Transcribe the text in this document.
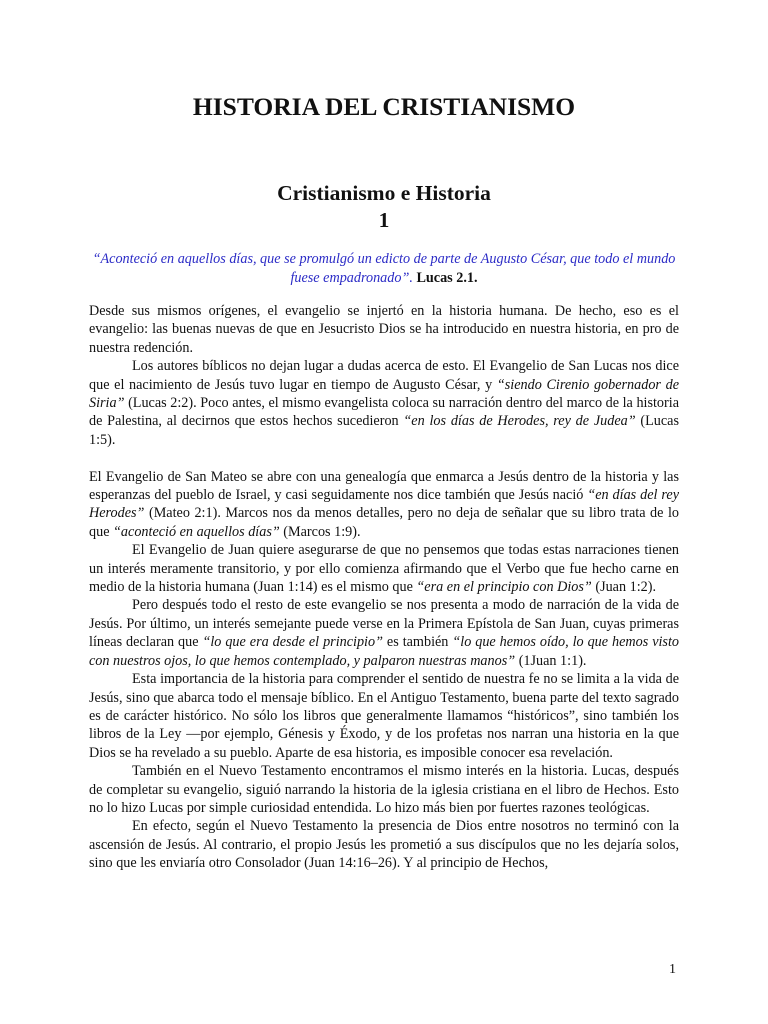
HISTORIA DEL CRISTIANISMO
Cristianismo e Historia
1

“Aconteció en aquellos días, que se promulgó un edicto de parte de Augusto César, que todo el mundo fuese empadronado”. Lucas 2.1.

Desde sus mismos orígenes, el evangelio se injertó en la historia humana. De hecho, eso es el evangelio: las buenas nuevas de que en Jesucristo Dios se ha introducido en nuestra historia, en pro de nuestra redención.

Los autores bíblicos no dejan lugar a dudas acerca de esto. El Evangelio de San Lucas nos dice que el nacimiento de Jesús tuvo lugar en tiempo de Augusto César, y “siendo Cirenio gobernador de Siria” (Lucas 2:2). Poco antes, el mismo evangelista coloca su narración dentro del marco de la historia de Palestina, al decirnos que estos hechos sucedieron “en los días de Herodes, rey de Judea” (Lucas 1:5).

El Evangelio de San Mateo se abre con una genealogía que enmarca a Jesús dentro de la historia y las esperanzas del pueblo de Israel, y casi seguidamente nos dice también que Jesús nació “en días del rey Herodes” (Mateo 2:1). Marcos nos da menos detalles, pero no deja de señalar que su libro trata de lo que “aconteció en aquellos días” (Marcos 1:9).

El Evangelio de Juan quiere asegurarse de que no pensemos que todas estas narraciones tienen un interés meramente transitorio, y por ello comienza afirmando que el Verbo que fue hecho carne en medio de la historia humana (Juan 1:14) es el mismo que “era en el principio con Dios” (Juan 1:2).

Pero después todo el resto de este evangelio se nos presenta a modo de narración de la vida de Jesús. Por último, un interés semejante puede verse en la Primera Epístola de San Juan, cuyas primeras líneas declaran que “lo que era desde el principio” es también “lo que hemos oído, lo que hemos visto con nuestros ojos, lo que hemos contemplado, y palparon nuestras manos” (1Juan 1:1).

Esta importancia de la historia para comprender el sentido de nuestra fe no se limita a la vida de Jesús, sino que abarca todo el mensaje bíblico. En el Antiguo Testamento, buena parte del texto sagrado es de carácter histórico. No sólo los libros que generalmente llamamos “históricos”, sino también los libros de la Ley —por ejemplo, Génesis y Éxodo, y de los profetas nos narran una historia en la que Dios se ha revelado a su pueblo. Aparte de esa historia, es imposible conocer esa revelación.

También en el Nuevo Testamento encontramos el mismo interés en la historia. Lucas, después de completar su evangelio, siguió narrando la historia de la iglesia cristiana en el libro de Hechos. Esto no lo hizo Lucas por simple curiosidad entendida. Lo hizo más bien por fuertes razones teológicas.

En efecto, según el Nuevo Testamento la presencia de Dios entre nosotros no terminó con la ascensión de Jesús. Al contrario, el propio Jesús les prometió a sus discípulos que no les dejaría solos, sino que les enviaría otro Consolador (Juan 14:16–26). Y al principio de Hechos,

1
